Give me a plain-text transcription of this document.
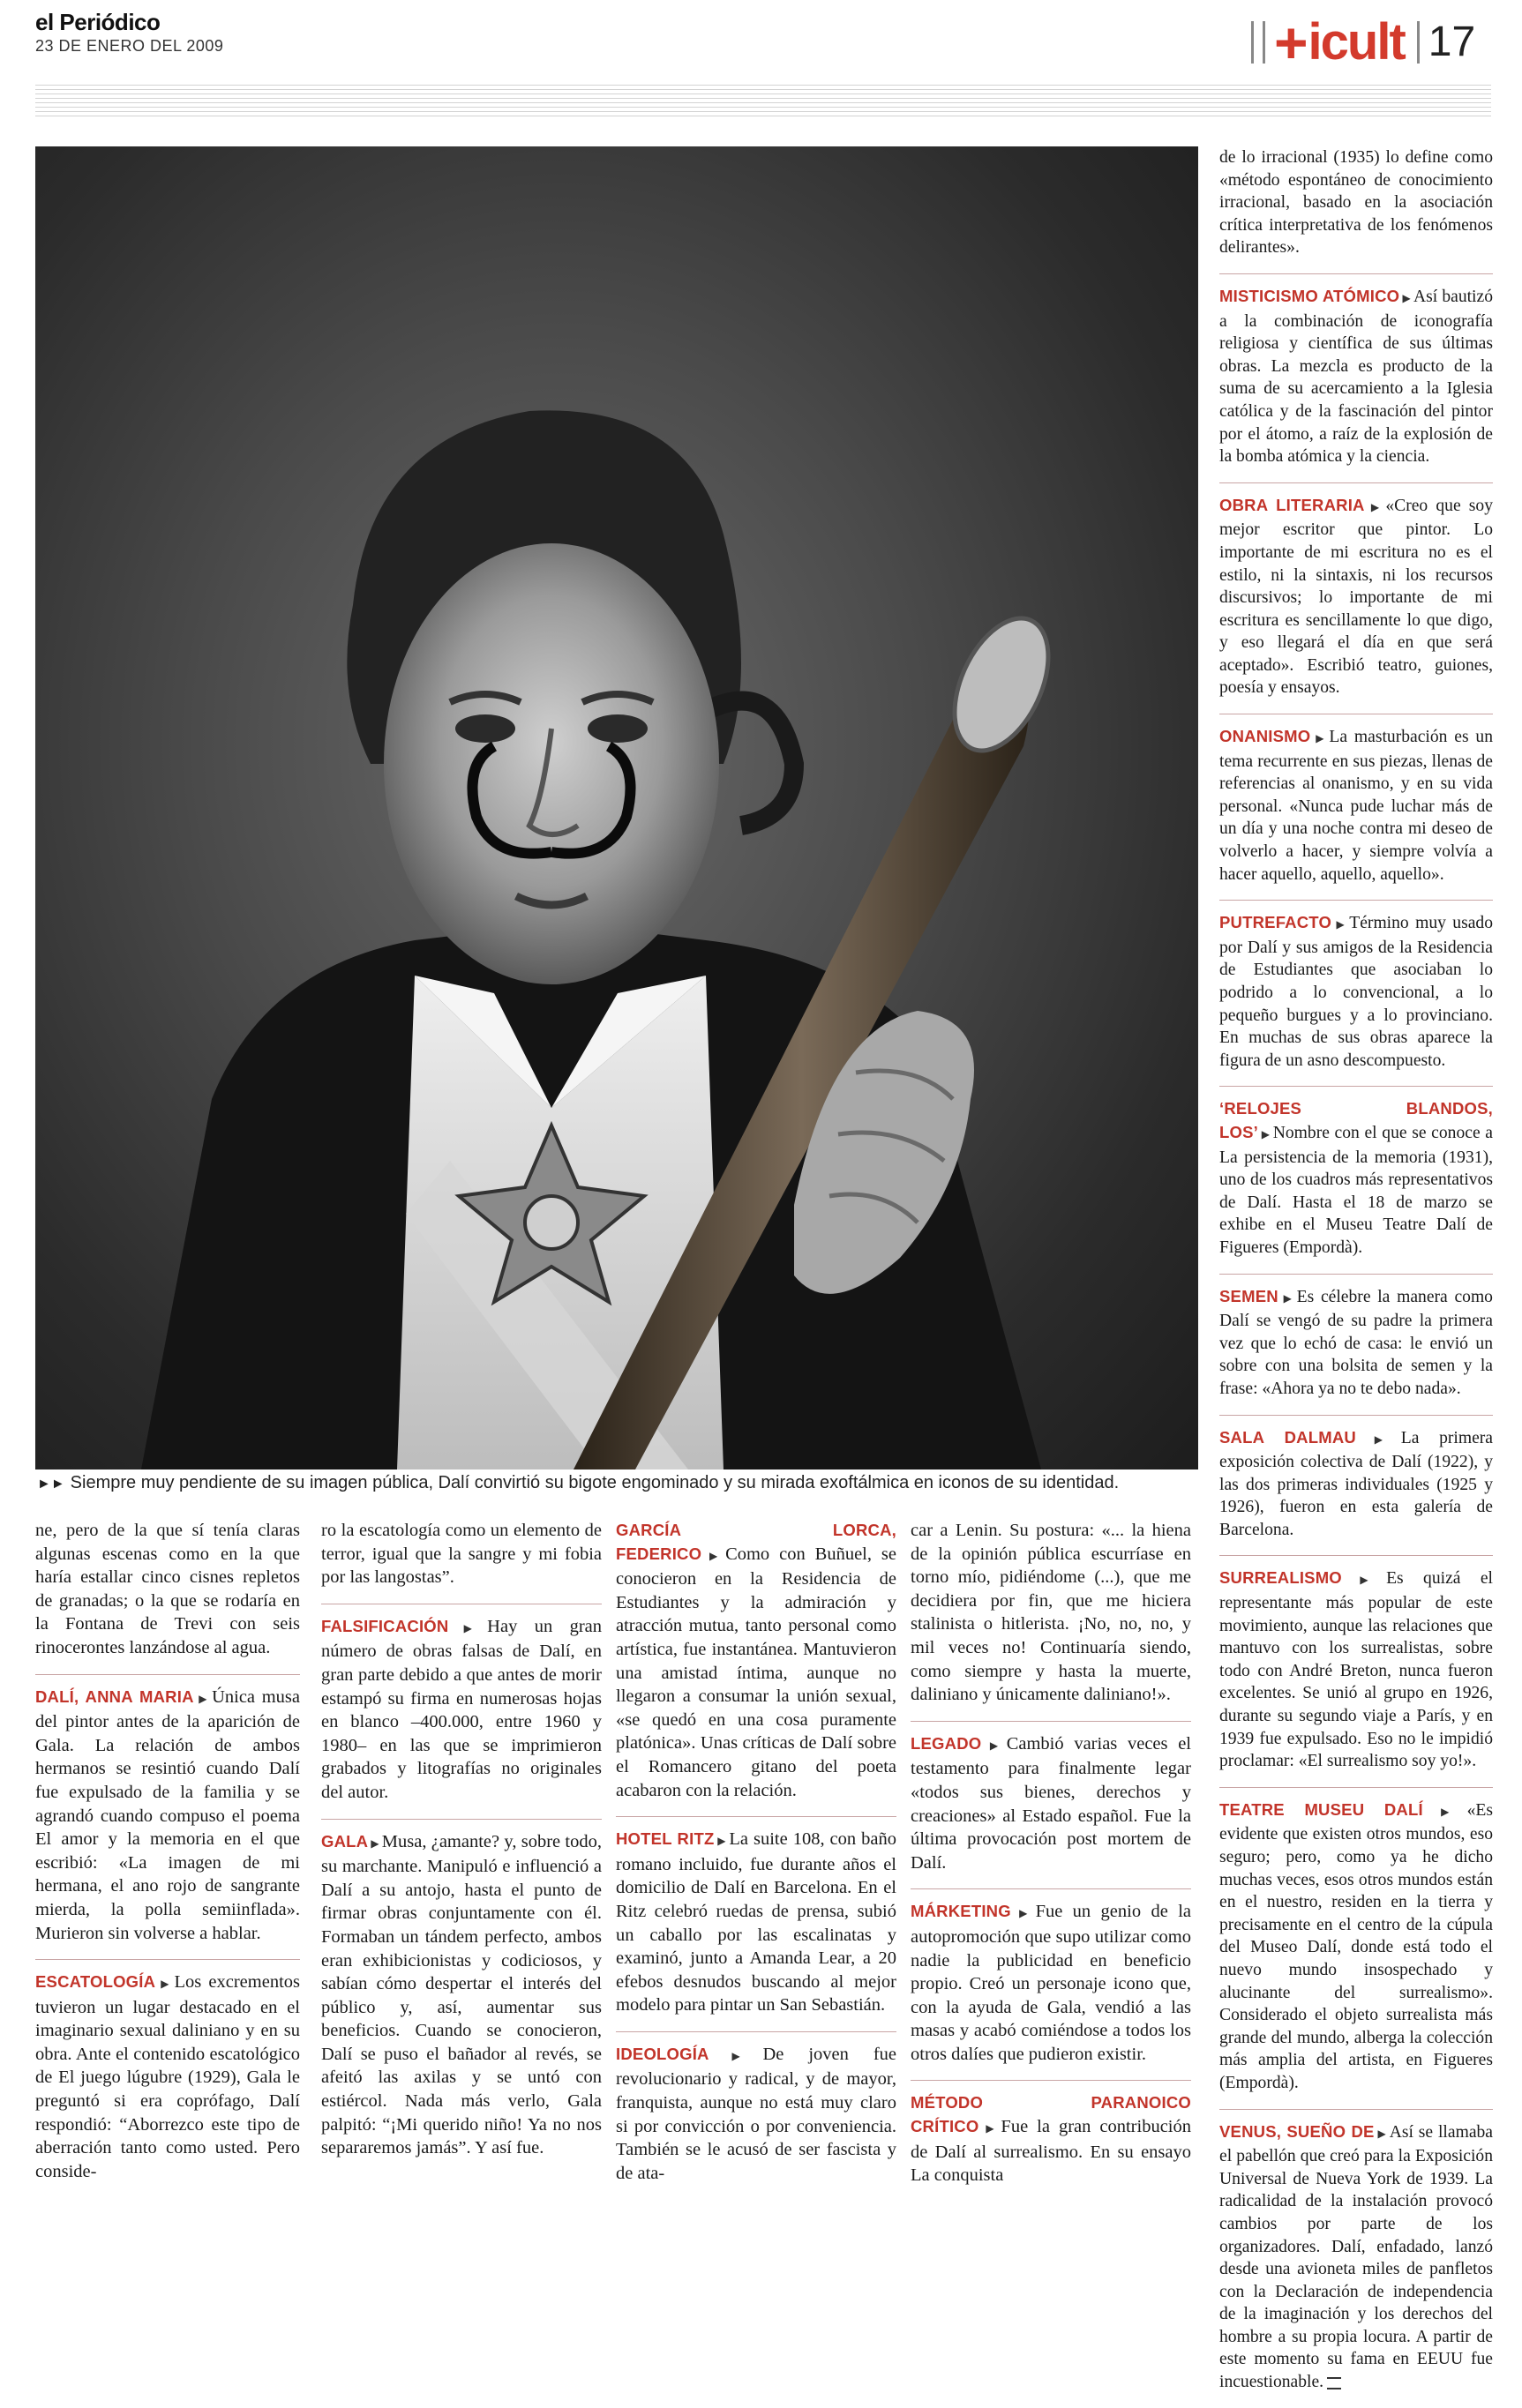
el Periódico
23 DE ENERO DEL 2009	+ icult 17
►► Siempre muy pendiente de su imagen pública, Dalí convirtió su bigote engominado y su mirada exoftálmica en iconos de su identidad.

ne, pero de la que sí tenía claras algunas escenas como en la que haría estallar cinco cisnes repletos de granadas; o la que se rodaría en la Fontana de Trevi con seis rinocerontes lanzándose al agua.

DALÍ, ANNA MARIA ▶ Única musa del pintor antes de la aparición de Gala. La relación de ambos hermanos se resintió cuando Dalí fue expulsado de la familia y se agrandó cuando compuso el poema El amor y la memoria en el que escribió: «La imagen de mi hermana, el ano rojo de sangrante mierda, la polla semiinflada». Murieron sin volverse a hablar.

ESCATOLOGÍA ▶ Los excrementos tuvieron un lugar destacado en el imaginario sexual daliniano y en su obra. Ante el contenido escatológico de El juego lúgubre (1929), Gala le preguntó si era coprófago, Dalí respondió: “Aborrezco este tipo de aberración tanto como usted. Pero conside-

ro la escatología como un elemento de terror, igual que la sangre y mi fobia por las langostas”.

FALSIFICACIÓN ▶ Hay un gran número de obras falsas de Dalí, en gran parte debido a que antes de morir estampó su firma en numerosas hojas en blanco –400.000, entre 1960 y 1980– en las que se imprimieron grabados y litografías no originales del autor.

GALA ▶ Musa, ¿amante? y, sobre todo, su marchante. Manipuló e influenció a Dalí a su antojo, hasta el punto de firmar obras conjuntamente con él. Formaban un tándem perfecto, ambos eran exhibicionistas y codiciosos, y sabían cómo despertar el interés del público y, así, aumentar sus beneficios. Cuando se conocieron, Dalí se puso el bañador al revés, se afeitó las axilas y se untó con estiércol. Nada más verlo, Gala palpitó: “¡Mi querido niño! Ya no nos separaremos jamás”. Y así fue.

GARCÍA LORCA, FEDERICO ▶ Como con Buñuel, se conocieron en la Residencia de Estudiantes y la admiración y atracción mutua, tanto personal como artística, fue instantánea. Mantuvieron una amistad íntima, aunque no llegaron a consumar la unión sexual, «se quedó en una cosa puramente platónica». Unas críticas de Dalí sobre el Romancero gitano del poeta acabaron con la relación.

HOTEL RITZ ▶ La suite 108, con baño romano incluido, fue durante años el domicilio de Dalí en Barcelona. En el Ritz celebró ruedas de prensa, subió un caballo por las escalinatas y examinó, junto a Amanda Lear, a 20 efebos desnudos buscando al mejor modelo para pintar un San Sebastián.

IDEOLOGÍA ▶ De joven fue revolucionario y radical, y de mayor, franquista, aunque no está muy claro si por convicción o por conveniencia. También se le acusó de ser fascista y de ata-

car a Lenin. Su postura: «... la hiena de la opinión pública escurríase en torno mío, pidiéndome (...), que me decidiera por fin, que me hiciera stalinista o hitlerista. ¡No, no, no, y mil veces no! Continuaría siendo, como siempre y hasta la muerte, daliniano y únicamente daliniano!».

LEGADO ▶ Cambió varias veces el testamento para finalmente legar «todos sus bienes, derechos y creaciones» al Estado español. Fue la última provocación post mortem de Dalí.

MÁRKETING ▶ Fue un genio de la autopromoción que supo utilizar como nadie la publicidad en beneficio propio. Creó un personaje icono que, con la ayuda de Gala, vendió a las masas y acabó comiéndose a todos los otros dalíes que pudieron existir.

MÉTODO PARANOICO CRÍTICO ▶ Fue la gran contribución de Dalí al surrealismo. En su ensayo La conquista

de lo irracional (1935) lo define como «método espontáneo de conocimiento irracional, basado en la asociación crítica interpretativa de los fenómenos delirantes».

MISTICISMO ATÓMICO ▶ Así bautizó a la combinación de iconografía religiosa y científica de sus últimas obras. La mezcla es producto de la suma de su acercamiento a la Iglesia católica y de la fascinación del pintor por el átomo, a raíz de la explosión de la bomba atómica y la ciencia.

OBRA LITERARIA ▶ «Creo que soy mejor escritor que pintor. Lo importante de mi escritura no es el estilo, ni la sintaxis, ni los recursos discursivos; lo importante de mi escritura es sencillamente lo que digo, y eso llegará el día en que será aceptado». Escribió teatro, guiones, poesía y ensayos.

ONANISMO ▶ La masturbación es un tema recurrente en sus piezas, llenas de referencias al onanismo, y en su vida personal. «Nunca pude luchar más de un día y una noche contra mi deseo de volverlo a hacer, y siempre volvía a hacer aquello, aquello, aquello».

PUTREFACTO ▶ Término muy usado por Dalí y sus amigos de la Residencia de Estudiantes que asociaban lo podrido a lo convencional, a lo pequeño burgues y a lo provinciano. En muchas de sus obras aparece la figura de un asno descompuesto.

‘RELOJES BLANDOS, LOS’ ▶ Nombre con el que se conoce a La persistencia de la memoria (1931), uno de los cuadros más representativos de Dalí. Hasta el 18 de marzo se exhibe en el Museu Teatre Dalí de Figueres (Empordà).

SEMEN ▶ Es célebre la manera como Dalí se vengó de su padre la primera vez que lo echó de casa: le envió un sobre con una bolsita de semen y la frase: «Ahora ya no te debo nada».

SALA DALMAU ▶ La primera exposición colectiva de Dalí (1922), y las dos primeras individuales (1925 y 1926), fueron en esta galería de Barcelona.

SURREALISMO ▶ Es quizá el representante más popular de este movimiento, aunque las relaciones que mantuvo con los surrealistas, sobre todo con André Breton, nunca fueron excelentes. Se unió al grupo en 1926, durante su segundo viaje a París, y en 1939 fue expulsado. Eso no le impidió proclamar: «El surrealismo soy yo!».

TEATRE MUSEU DALÍ ▶ «Es evidente que existen otros mundos, eso seguro; pero, como ya he dicho muchas veces, esos otros mundos están en el nuestro, residen en la tierra y precisamente en el centro de la cúpula del Museo Dalí, donde está todo el nuevo mundo insospechado y alucinante del surrealismo». Considerado el objeto surrealista más grande del mundo, alberga la colección más amplia del artista, en Figueres (Empordà).

VENUS, SUEÑO DE ▶ Así se llamaba el pabellón que creó para la Exposición Universal de Nueva York de 1939. La radicalidad de la instalación provocó cambios por parte de los organizadores. Dalí, enfadado, lanzó desde una avioneta miles de panfletos con la Declaración de independencia de la imaginación y los derechos del hombre a su propia locura. A partir de este momento su fama en EEUU fue incuestionable.
